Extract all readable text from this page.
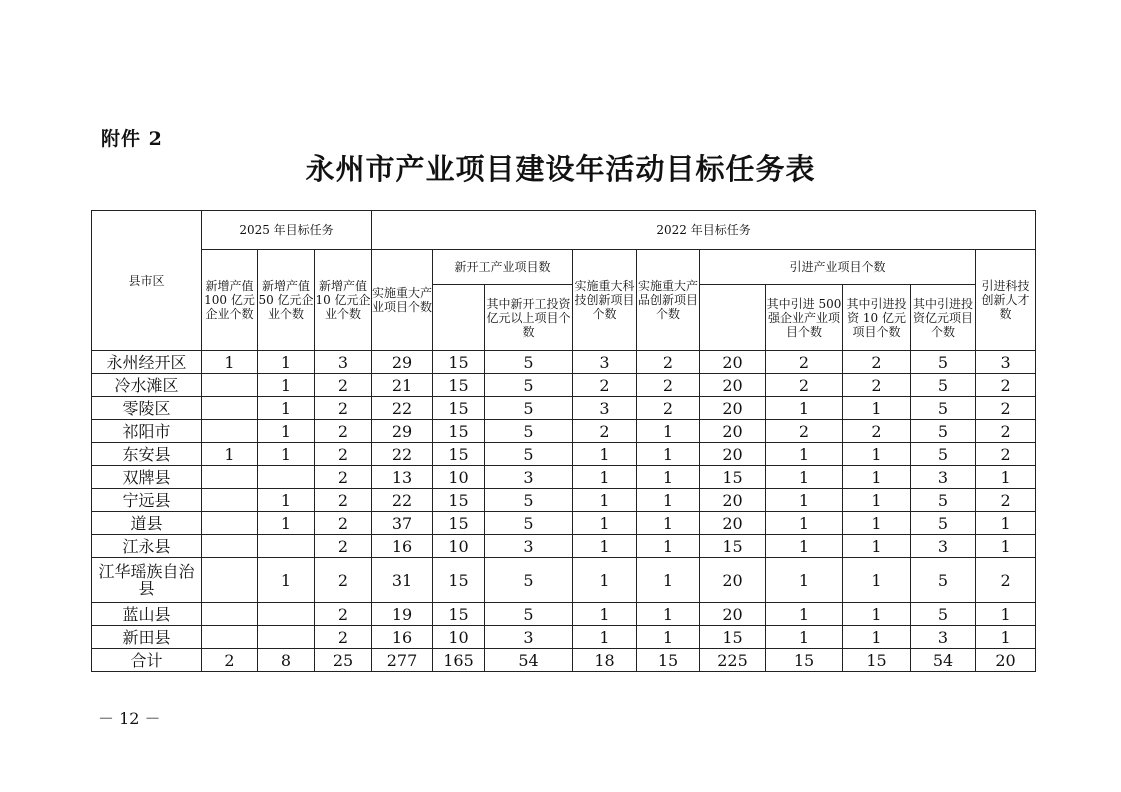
附件 2
永州市产业项目建设年活动目标任务表
县市区	2025 年目标任务			2022 年目标任务									
	新增产值 100 亿元企业个数	新增产值 50 亿元企业个数	新增产值 10 亿元企业个数	实施重大产业项目个数	新开工产业项目数		实施重大科技创新项目个数	实施重大产品创新项目个数	引进产业项目个数				引进科技创新人才数
						其中新开工投资亿元以上项目个数				其中引进 500 强企业产业项目个数	其中引进投资 10 亿元项目个数	其中引进投资亿元项目个数	
永州经开区	1	1	3	29	15	5	3	2	20	2	2	5	3
冷水滩区		1	2	21	15	5	2	2	20	2	2	5	2
零陵区		1	2	22	15	5	3	2	20	1	1	5	2
祁阳市		1	2	29	15	5	2	1	20	2	2	5	2
东安县	1	1	2	22	15	5	1	1	20	1	1	5	2
双牌县			2	13	10	3	1	1	15	1	1	3	1
宁远县		1	2	22	15	5	1	1	20	1	1	5	2
道县		1	2	37	15	5	1	1	20	1	1	5	1
江永县			2	16	10	3	1	1	15	1	1	3	1
江华瑶族自治县		1	2	31	15	5	1	1	20	1	1	5	2
蓝山县			2	19	15	5	1	1	20	1	1	5	1
新田县			2	16	10	3	1	1	15	1	1	3	1
合计	2	8	25	277	165	54	18	15	225	15	15	54	20
－ 12 －
